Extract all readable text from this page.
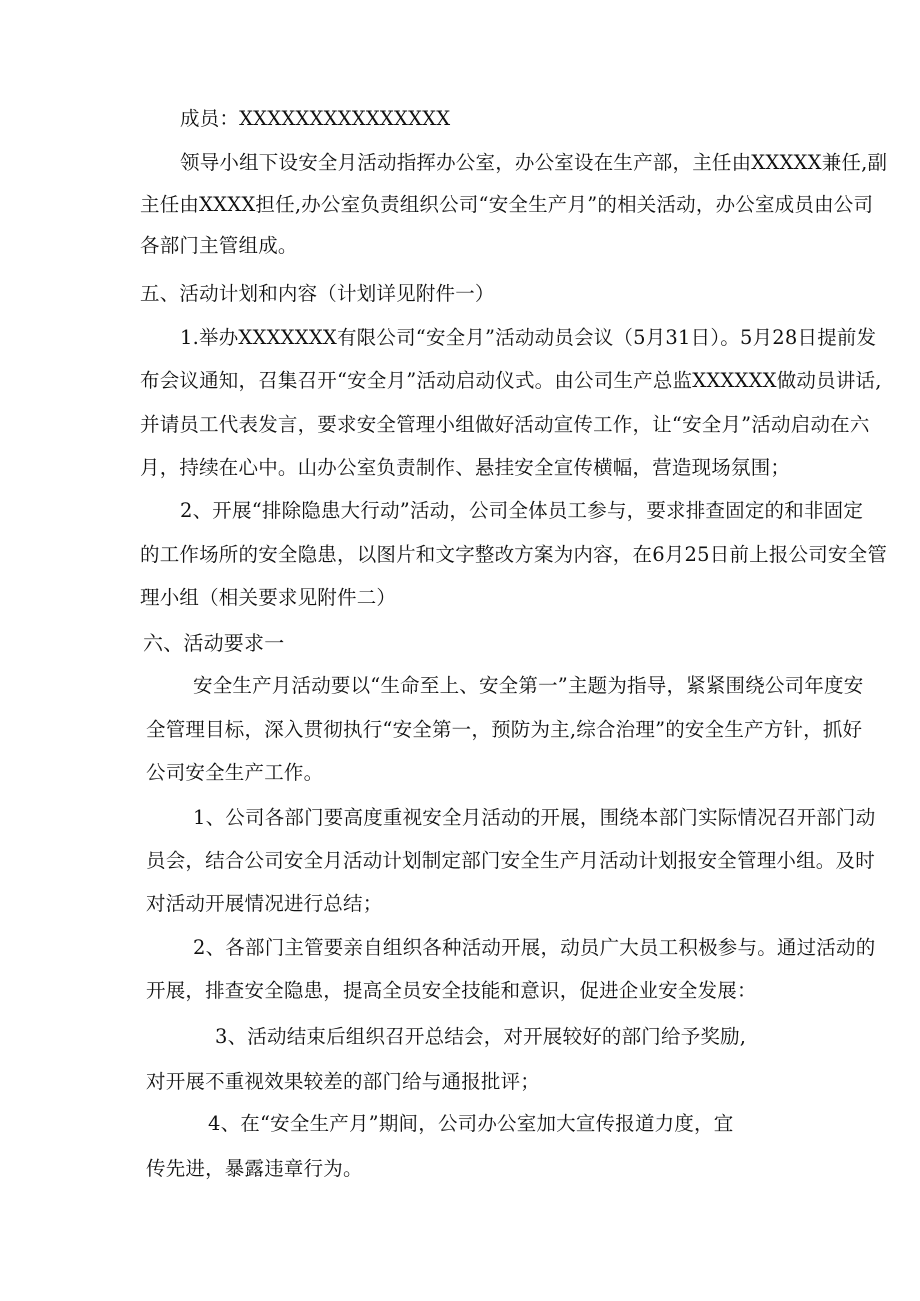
成员：XXXXXXXXXXXXXXX
领导小组下设安全月活动指挥办公室，办公室设在生产部，主任由XXXXX兼任,副
主任由XXXX担任,办公室负责组织公司“安全生产月”的相关活动，办公室成员由公司
各部门主管组成。
五、活动计划和内容（计划详见附件一）
1.举办XXXXXXX有限公司“安全月”活动动员会议（5月31日）。5月28日提前发
布会议通知，召集召开“安全月”活动启动仪式。由公司生产总监XXXXXX做动员讲话,
并请员工代表发言，要求安全管理小组做好活动宣传工作，让“安全月”活动启动在六
月，持续在心中。山办公室负责制作、悬挂安全宣传横幅，营造现场氛围；
2、开展“排除隐患大行动”活动，公司全体员工参与，要求排查固定的和非固定
的工作场所的安全隐患，以图片和文字整改方案为内容，在6月25日前上报公司安全管
理小组（相关要求见附件二）
六、活动要求一
安全生产月活动要以“生命至上、安全第一”主题为指导，紧紧围绕公司年度安
全管理目标，深入贯彻执行“安全第一，预防为主,综合治理”的安全生产方针，抓好
公司安全生产工作。
1、公司各部门要高度重视安全月活动的开展，围绕本部门实际情况召开部门动
员会，结合公司安全月活动计划制定部门安全生产月活动计划报安全管理小组。及时
对活动开展情况进行总结；
2、各部门主管要亲自组织各种活动开展，动员广大员工积极参与。通过活动的
开展，排查安全隐患，提高全员安全技能和意识，促进企业安全发展：
3、活动结束后组织召开总结会，对开展较好的部门给予奖励,
对开展不重视效果较差的部门给与通报批评；
4、在“安全生产月”期间，公司办公室加大宣传报道力度，宜
传先进，暴露违章行为。
